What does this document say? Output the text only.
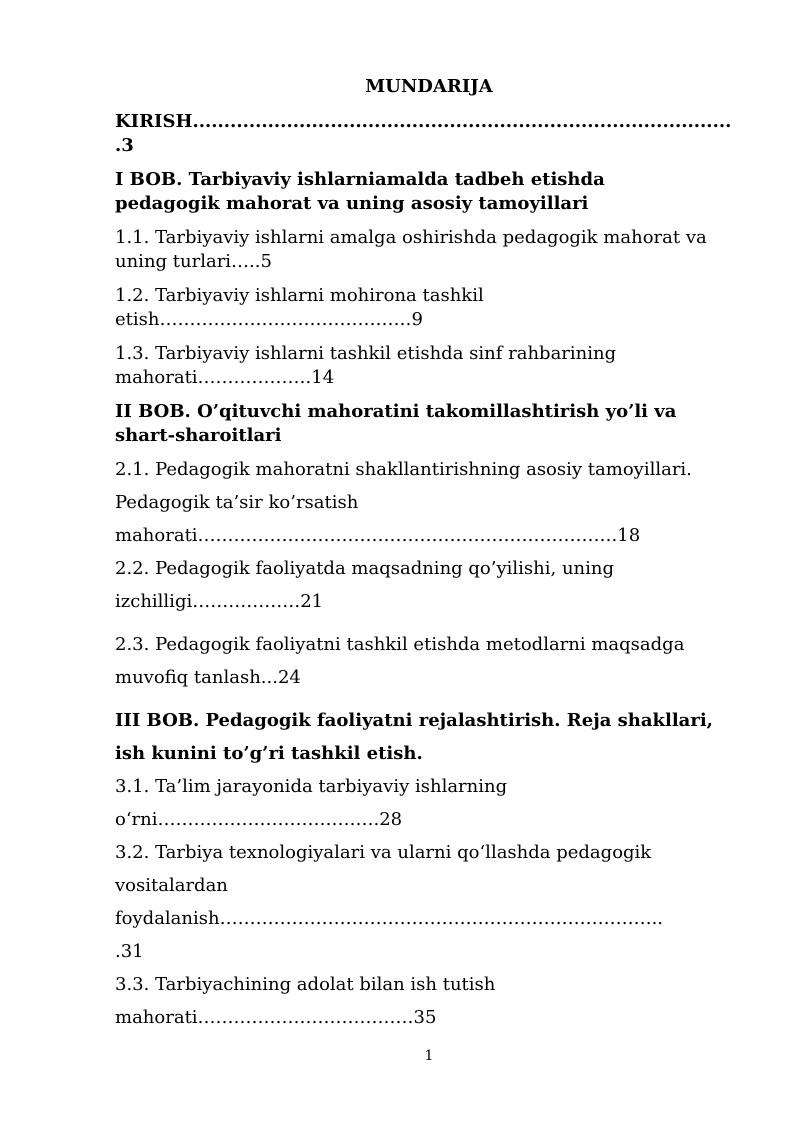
MUNDARIJA
KIRISH......................................................................................
.3
I BOB. Tarbiyaviy ishlarniamalda tadbeh etishda
pedagogik mahorat va uning asosiy tamoyillari
1.1. Tarbiyaviy ishlarni amalga oshirishda pedagogik mahorat va
uning turlari…..5
1.2. Tarbiyaviy ishlarni mohirona tashkil
etish……………………………………9
1.3. Tarbiyaviy ishlarni tashkil etishda sinf rahbarining
mahorati……………….14
II BOB. O’qituvchi mahoratini takomillashtirish yo’li va
shart-sharoitlari
2.1. Pedagogik mahoratni shakllantirishning asosiy tamoyillari.
Pedagogik ta’sir ko’rsatish
mahorati…………………………………………………………….18
2.2. Pedagogik faoliyatda maqsadning qo’yilishi, uning
izchilligi………………21
2.3. Pedagogik faoliyatni tashkil etishda metodlarni maqsadga
muvofiq tanlash...24
III BOB. Pedagogik faoliyatni rejalashtirish. Reja shakllari,
ish kunini to’g’ri tashkil etish.
3.1. Ta’lim jarayonida tarbiyaviy ishlarning
o‘rni……………………………….28
3.2. Tarbiya texnologiyalari va ularni qo‘llashda pedagogik
vositalardan
foydalanish………………………………………………………………..
.31
3.3. Tarbiyachining adolat bilan ish tutish
mahorati………………………………35
1
